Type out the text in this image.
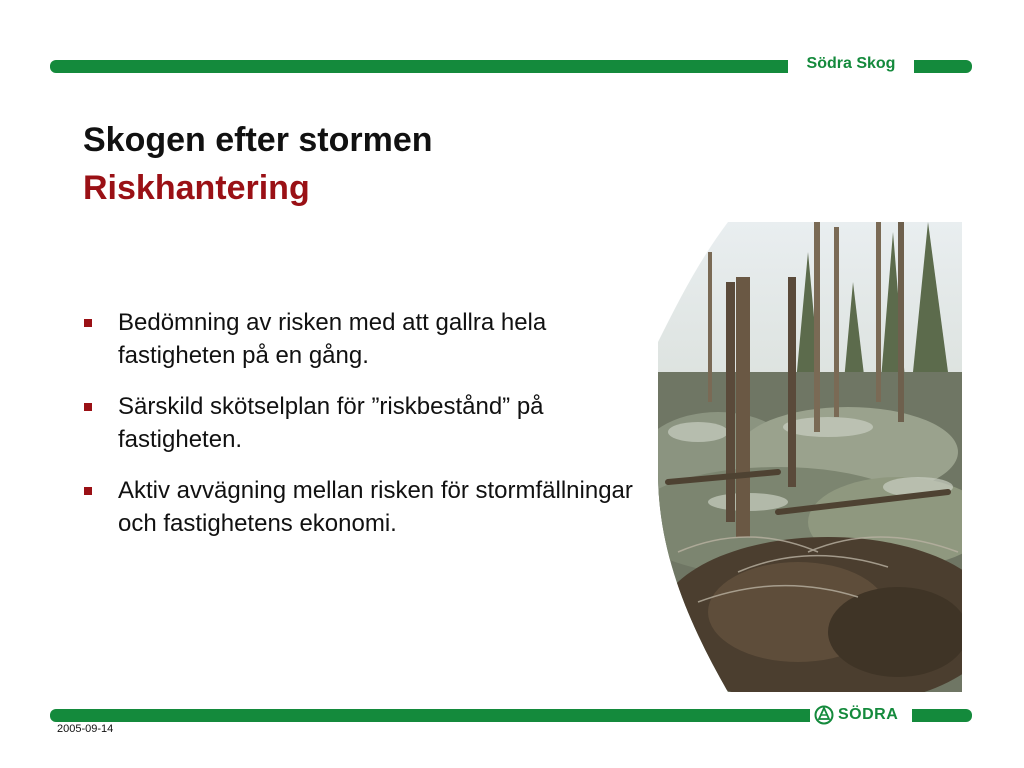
Södra Skog
Skogen efter stormen
Riskhantering
Bedömning av risken med att gallra hela fastigheten på en gång.
Särskild skötselplan för ”riskbestånd” på fastigheten.
Aktiv avvägning mellan risken för stormfällningar och fastighetens ekonomi.
SÖDRA
2005-09-14
